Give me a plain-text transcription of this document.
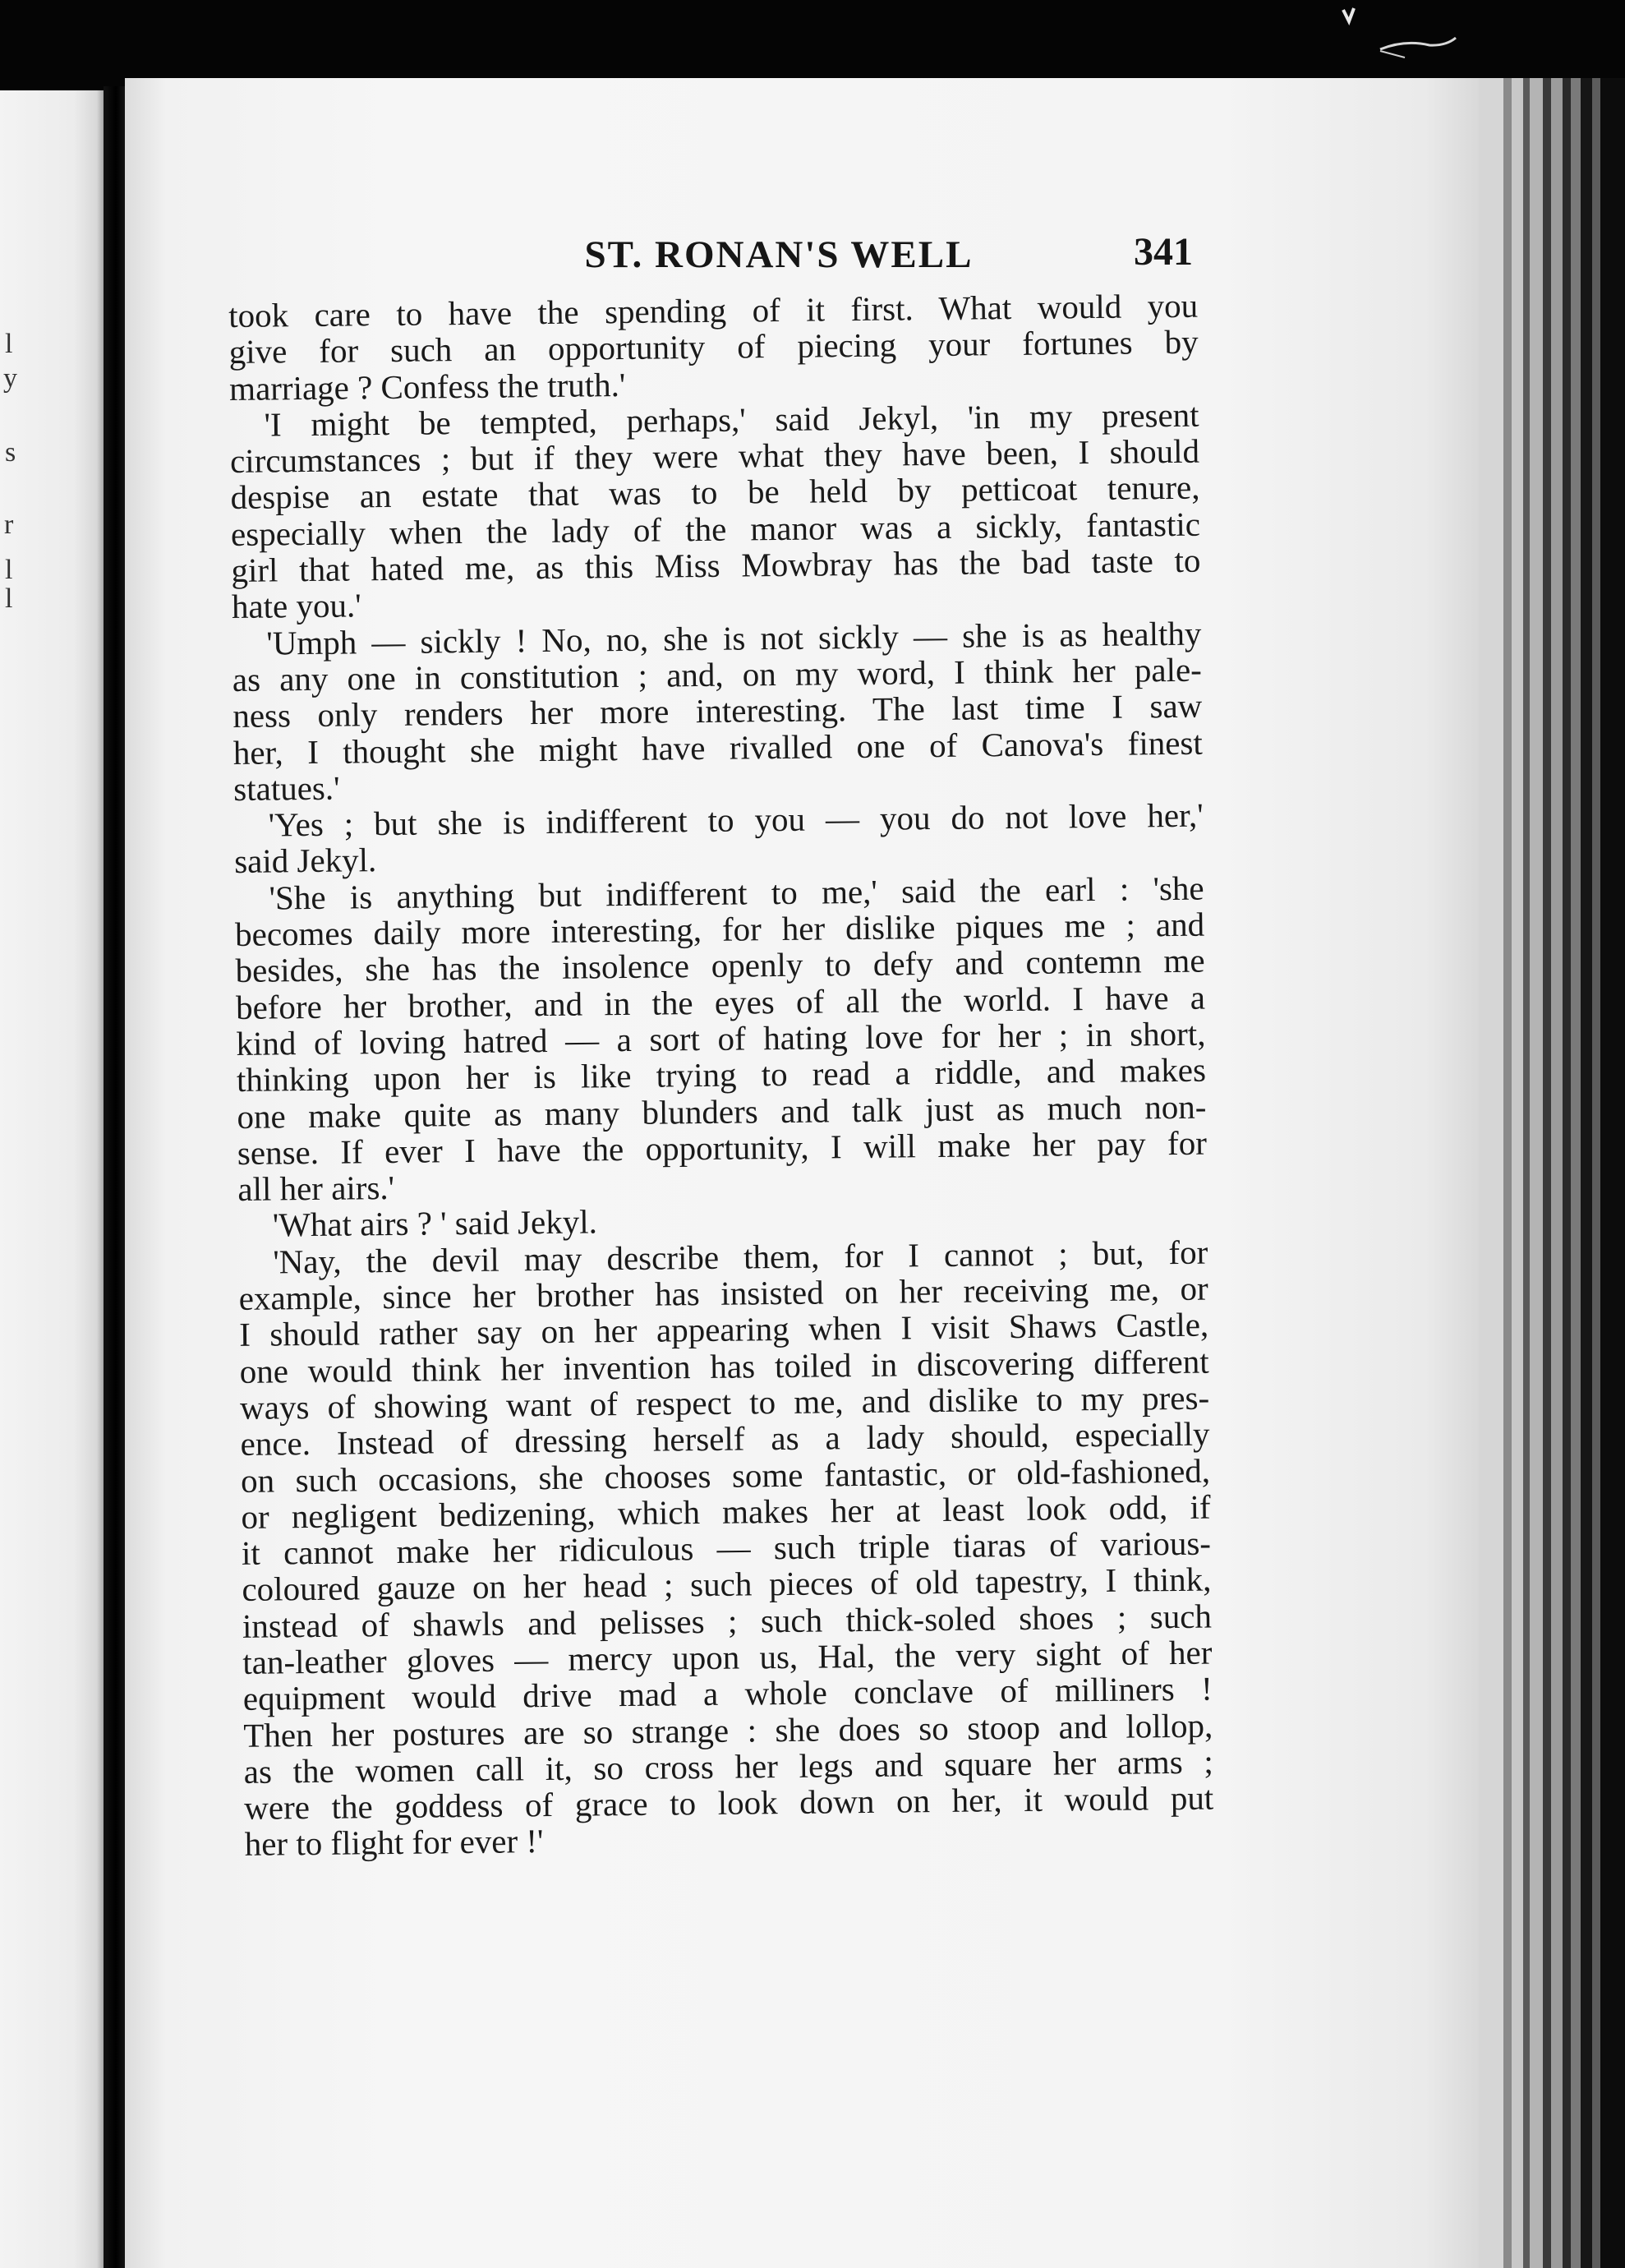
l
y
s
r
l
l
ST. RONAN'S WELL	341
took care to have the spending of it first. What would you
give for such an opportunity of piecing your fortunes by
marriage ? Confess the truth.'
'I might be tempted, perhaps,' said Jekyl, 'in my present
circumstances ; but if they were what they have been, I should
despise an estate that was to be held by petticoat tenure,
especially when the lady of the manor was a sickly, fantastic
girl that hated me, as this Miss Mowbray has the bad taste to
hate you.'
'Umph — sickly ! No, no, she is not sickly — she is as healthy
as any one in constitution ; and, on my word, I think her pale-
ness only renders her more interesting. The last time I saw
her, I thought she might have rivalled one of Canova's finest
statues.'
'Yes ; but she is indifferent to you — you do not love her,'
said Jekyl.
'She is anything but indifferent to me,' said the earl : 'she
becomes daily more interesting, for her dislike piques me ; and
besides, she has the insolence openly to defy and contemn me
before her brother, and in the eyes of all the world. I have a
kind of loving hatred — a sort of hating love for her ; in short,
thinking upon her is like trying to read a riddle, and makes
one make quite as many blunders and talk just as much non-
sense. If ever I have the opportunity, I will make her pay for
all her airs.'
'What airs ? ' said Jekyl.
'Nay, the devil may describe them, for I cannot ; but, for
example, since her brother has insisted on her receiving me, or
I should rather say on her appearing when I visit Shaws Castle,
one would think her invention has toiled in discovering different
ways of showing want of respect to me, and dislike to my pres-
ence. Instead of dressing herself as a lady should, especially
on such occasions, she chooses some fantastic, or old-fashioned,
or negligent bedizening, which makes her at least look odd, if
it cannot make her ridiculous — such triple tiaras of various-
coloured gauze on her head ; such pieces of old tapestry, I think,
instead of shawls and pelisses ; such thick-soled shoes ; such
tan-leather gloves — mercy upon us, Hal, the very sight of her
equipment would drive mad a whole conclave of milliners !
Then her postures are so strange : she does so stoop and lollop,
as the women call it, so cross her legs and square her arms ;
were the goddess of grace to look down on her, it would put
her to flight for ever !'
